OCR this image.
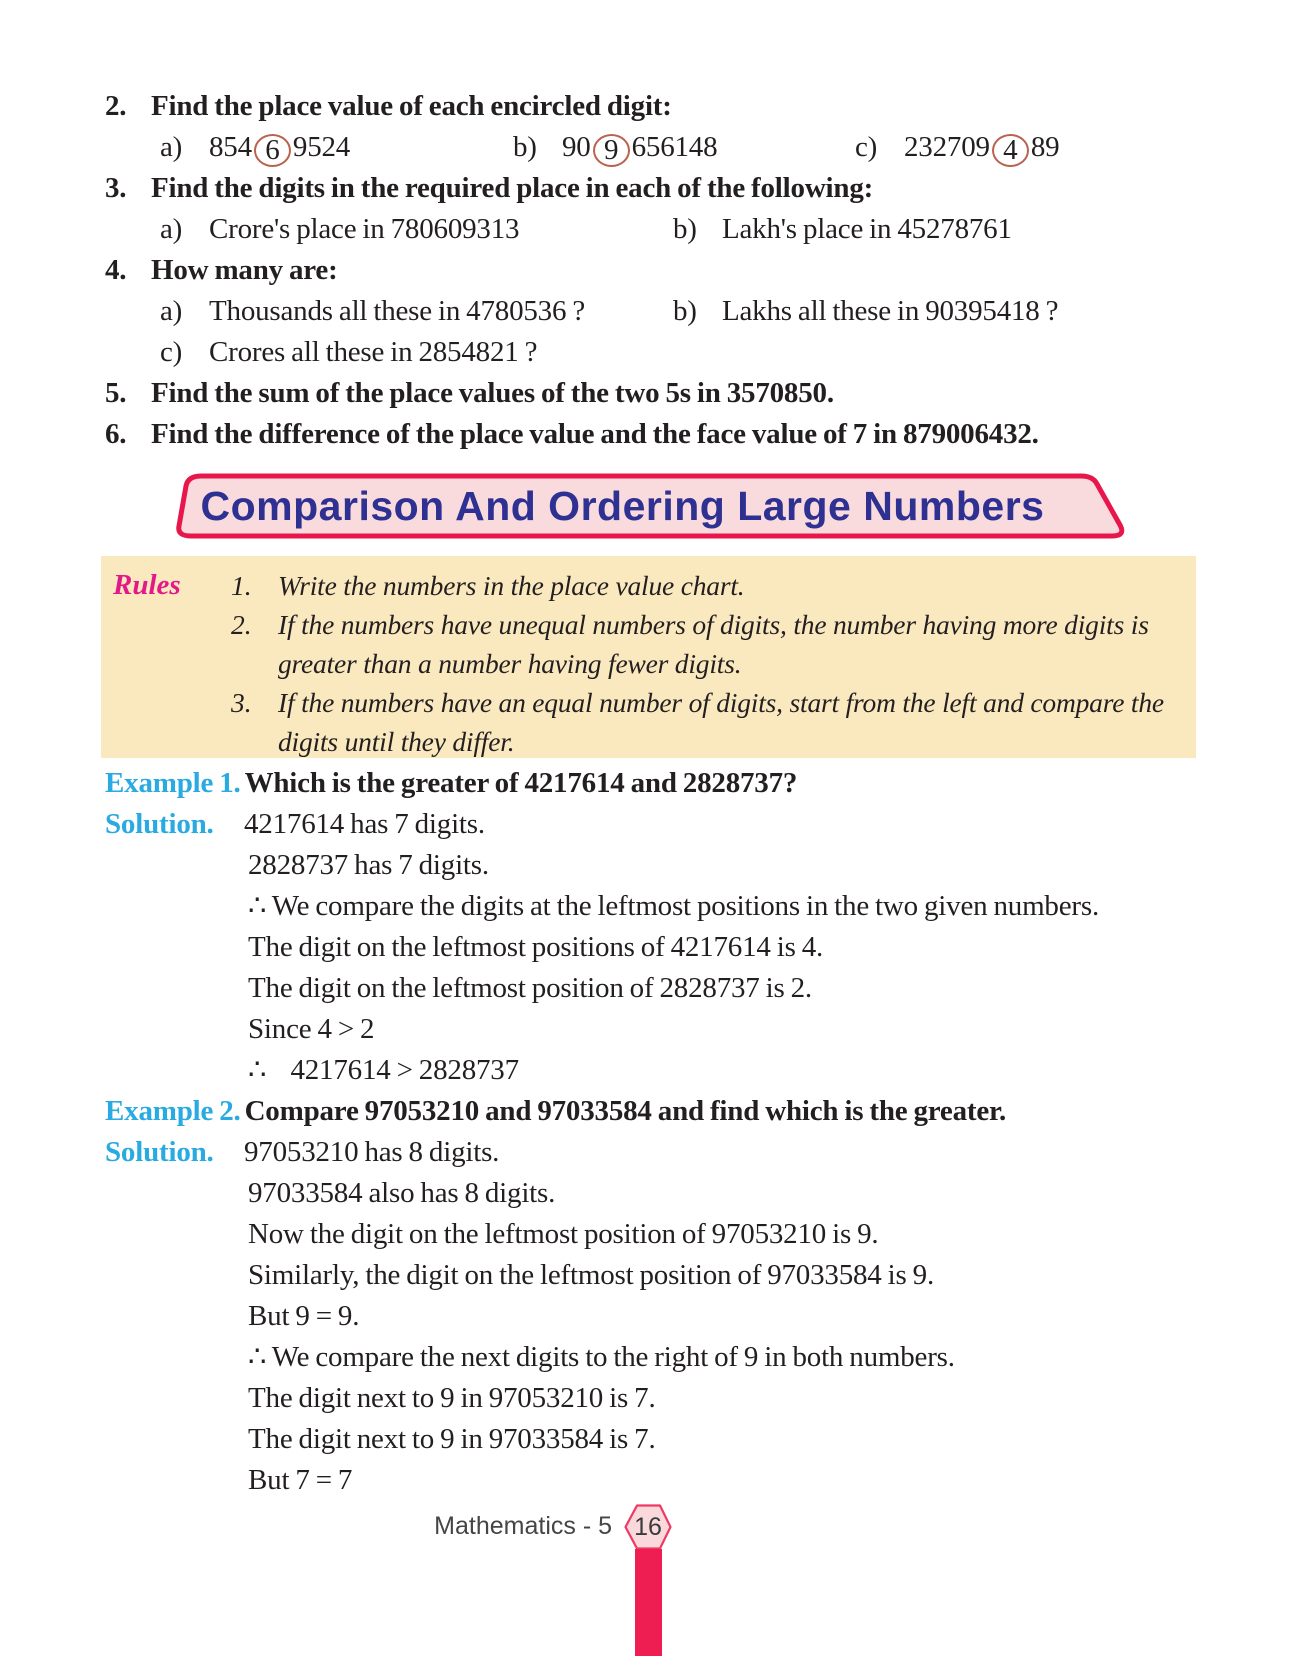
2. Find the place value of each encircled digit:
a) 854 6 9524	b) 90 9 656148	c) 232709 4 89
3. Find the digits in the required place in each of the following:
a) Crore's place in 780609313	b) Lakh's place in 45278761
4. How many are:
a) Thousands all these in 4780536 ?	b) Lakhs all these in 90395418 ?
c) Crores all these in 2854821 ?
5. Find the sum of the place values of the two 5s in 3570850.
6. Find the difference of the place value and the face value of 7 in 879006432.
Comparison And Ordering Large Numbers
Rules	1. Write the numbers in the place value chart.
2. If the numbers have unequal numbers of digits, the number having more digits is greater than a number having fewer digits.
3. If the numbers have an equal number of digits, start from the left and compare the digits until they differ.
Example 1. Which is the greater of 4217614 and 2828737?
Solution.	4217614 has 7 digits.
2828737 has 7 digits.
∴ We compare the digits at the leftmost positions in the two given numbers.
The digit on the leftmost positions of 4217614 is 4.
The digit on the leftmost position of 2828737 is 2.
Since 4 > 2
∴    4217614 > 2828737
Example 2. Compare 97053210 and 97033584 and find which is the greater.
Solution.	97053210 has 8 digits.
97033584 also has 8 digits.
Now the digit on the leftmost position of 97053210 is 9.
Similarly, the digit on the leftmost position of 97033584 is 9.
But 9 = 9.
∴ We compare the next digits to the right of 9 in both numbers.
The digit next to 9 in 97053210 is 7.
The digit next to 9 in 97033584 is 7.
But 7 = 7
Mathematics - 5 16
